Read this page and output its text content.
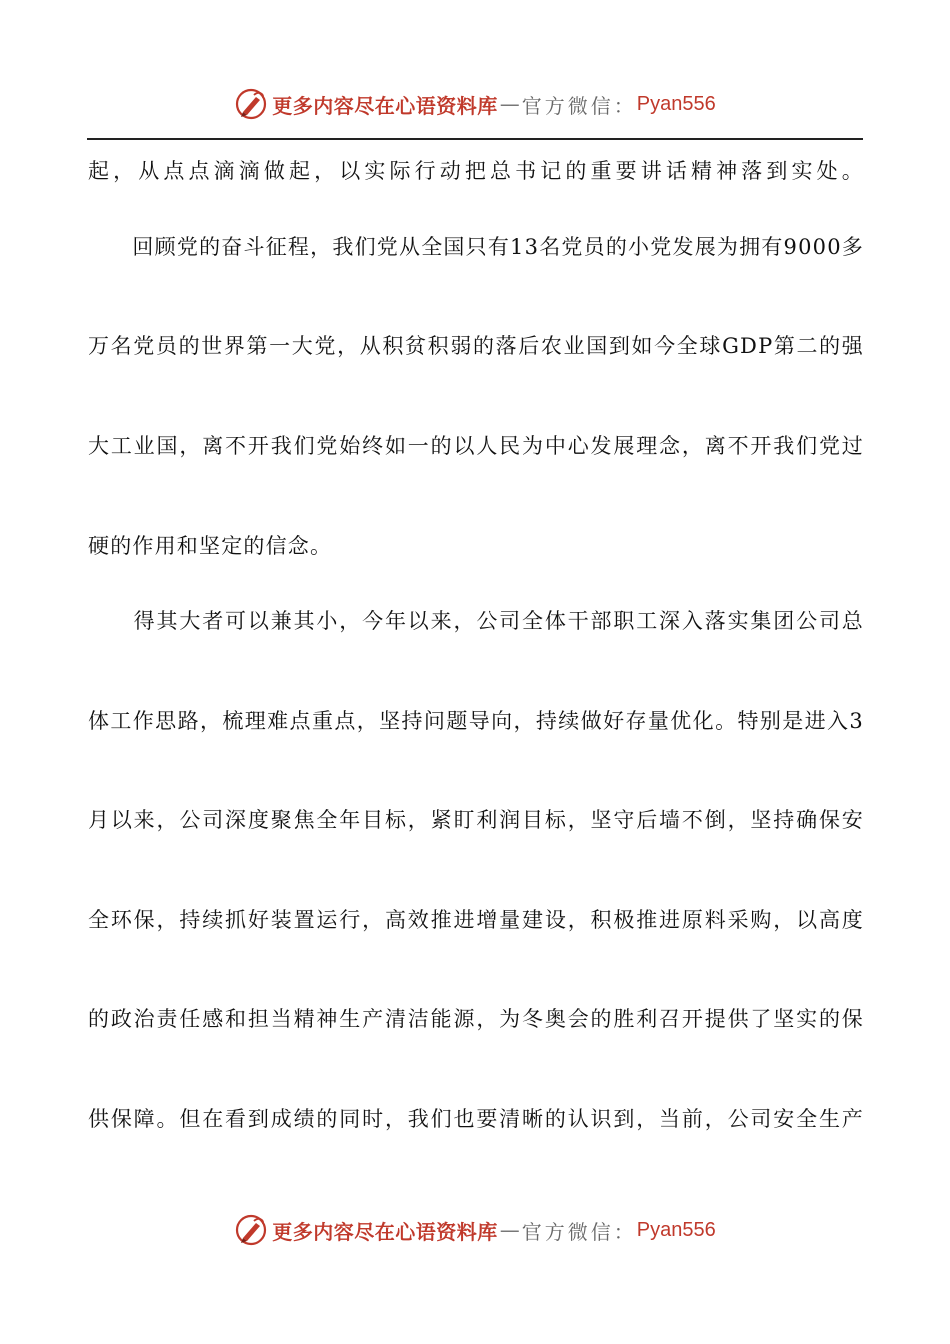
更多内容尽在心语资料库 — 官方微信： Pyan556
起，从点点滴滴做起，以实际行动把总书记的重要讲话精神落到实处。
　　回顾党的奋斗征程，我们党从全国只有13名党员的小党发展为拥有9000多
万名党员的世界第一大党，从积贫积弱的落后农业国到如今全球GDP第二的强
大工业国，离不开我们党始终如一的以人民为中心发展理念，离不开我们党过
硬的作用和坚定的信念。
　　得其大者可以兼其小，今年以来，公司全体干部职工深入落实集团公司总
体工作思路，梳理难点重点，坚持问题导向，持续做好存量优化。特别是进入3
月以来，公司深度聚焦全年目标，紧盯利润目标，坚守后墙不倒，坚持确保安
全环保，持续抓好装置运行，高效推进增量建设，积极推进原料采购，以高度
的政治责任感和担当精神生产清洁能源，为冬奥会的胜利召开提供了坚实的保
供保障。但在看到成绩的同时，我们也要清晰的认识到，当前，公司安全生产
更多内容尽在心语资料库 — 官方微信： Pyan556
